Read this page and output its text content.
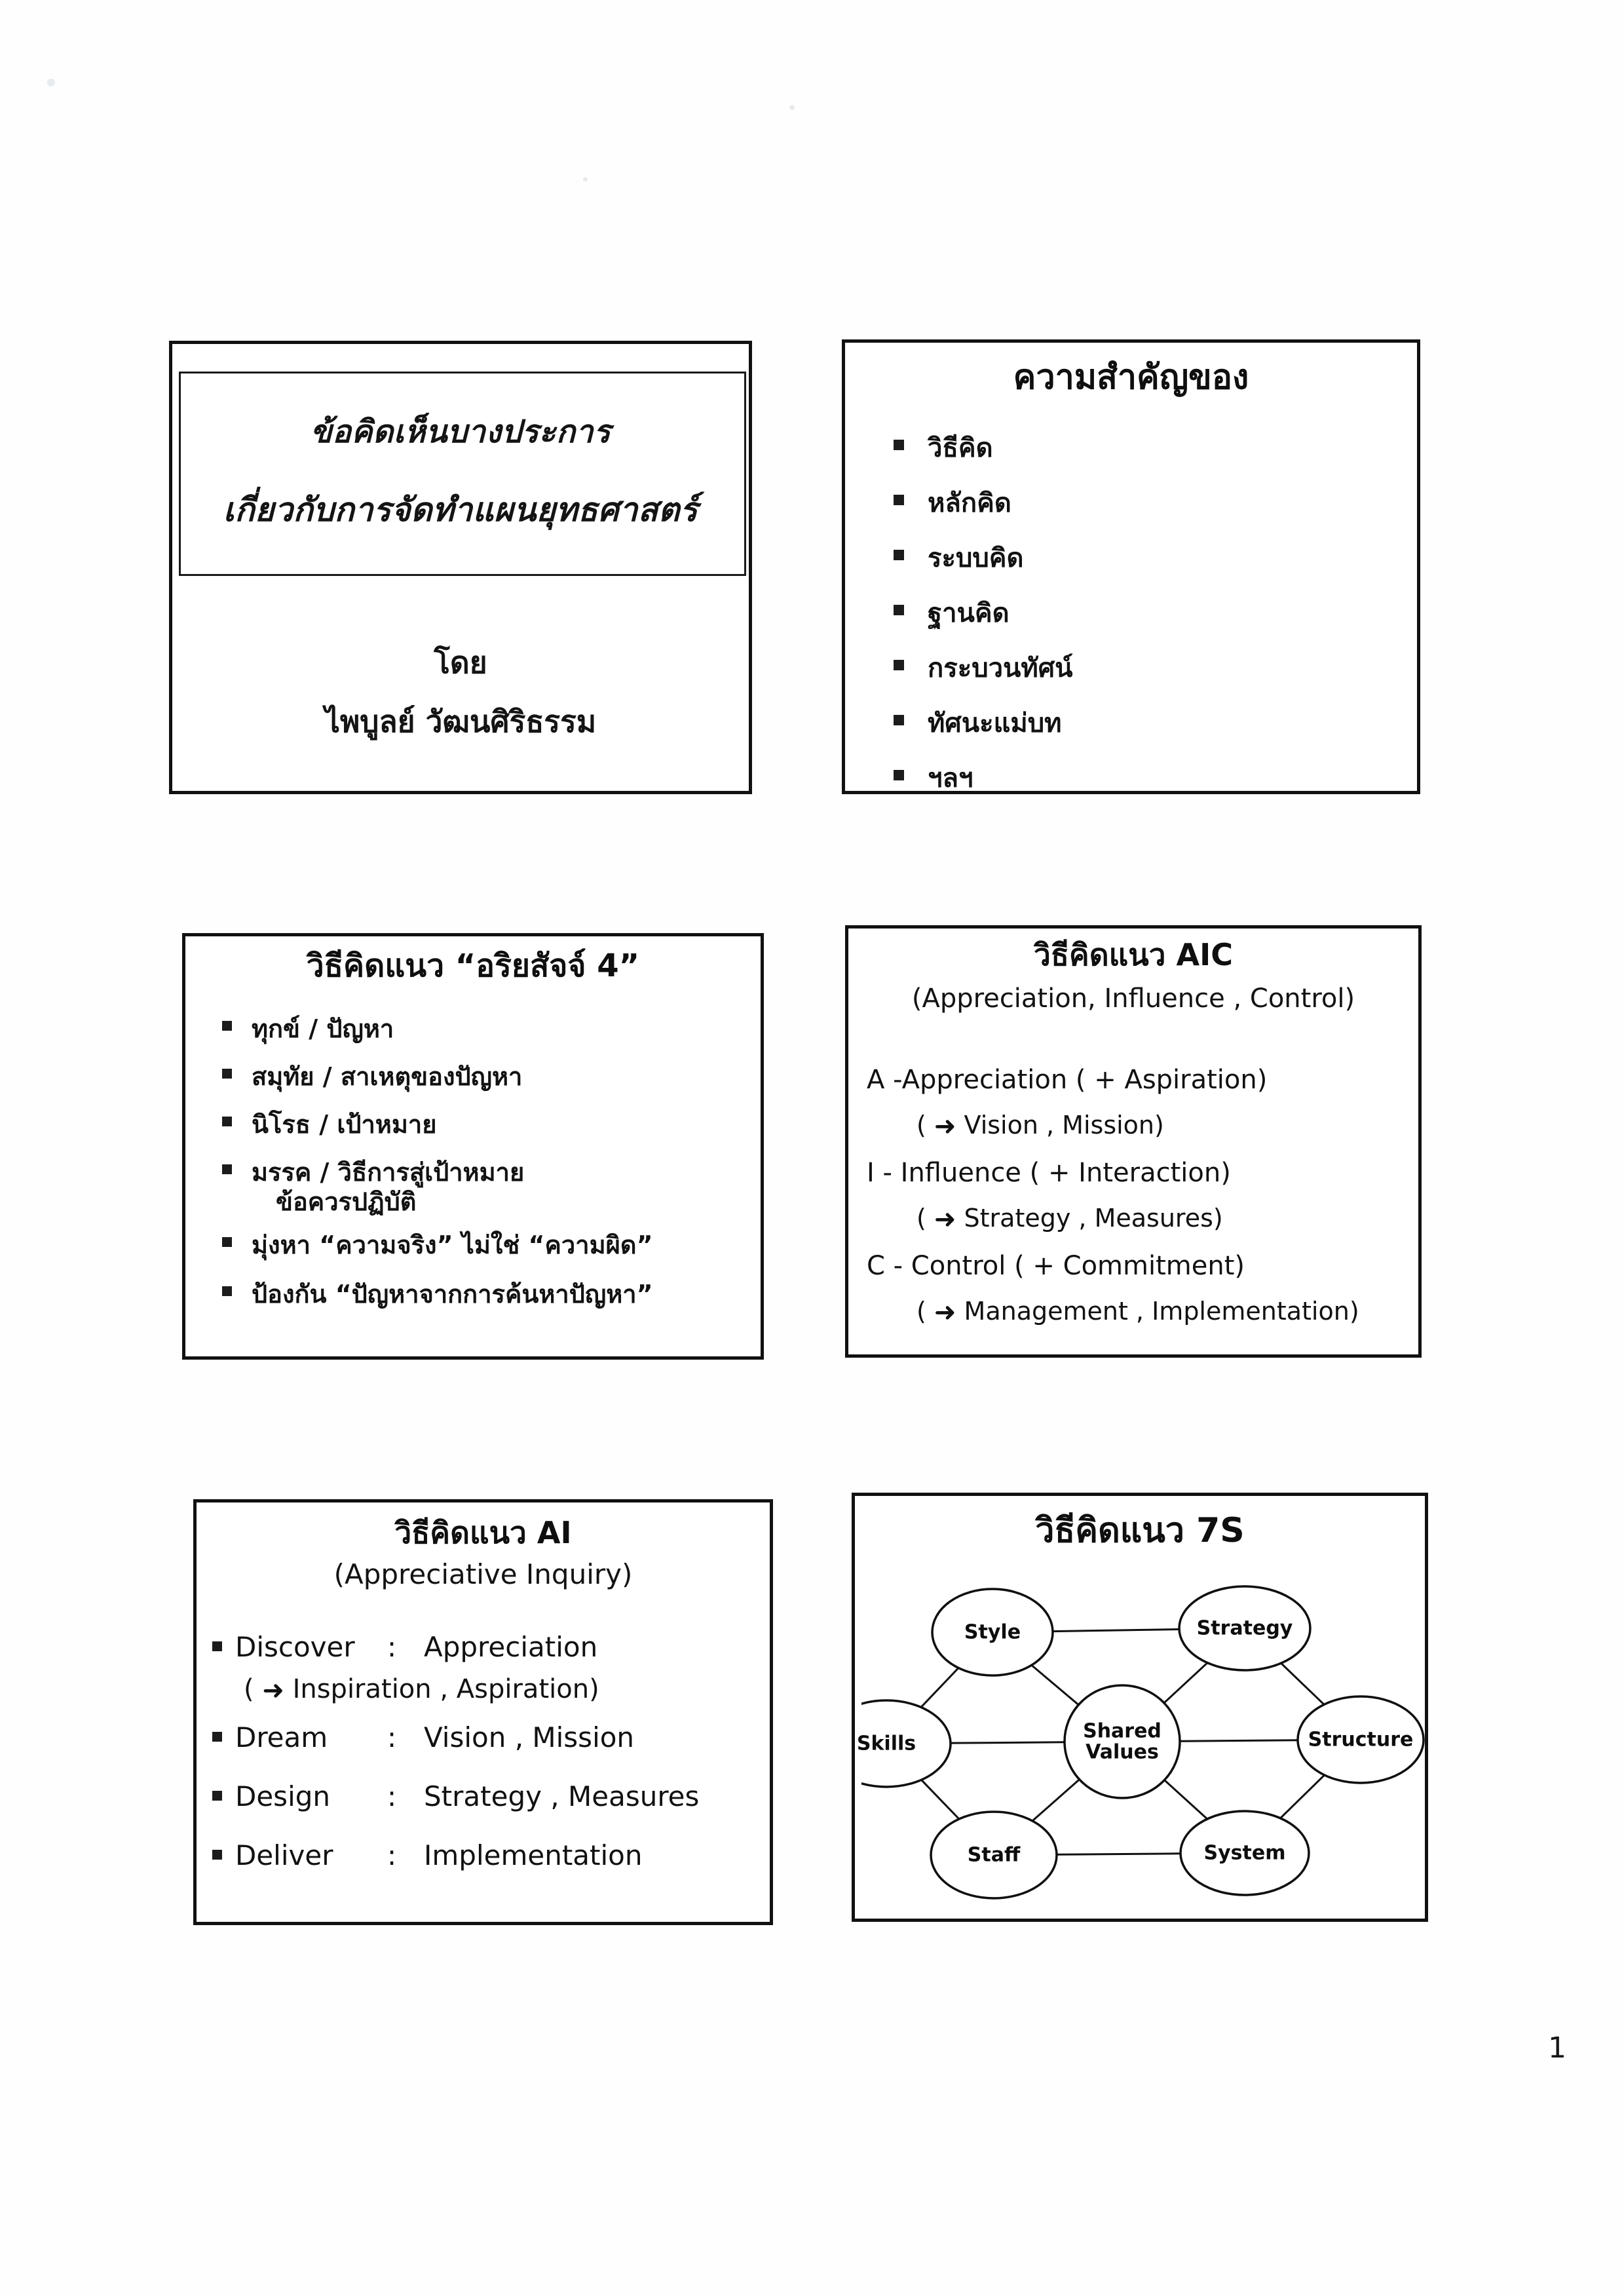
ข้อคิดเห็นบางประการ
เกี่ยวกับการจัดทำแผนยุทธศาสตร์
โดย
ไพบูลย์ วัฒนศิริธรรม
ความสำคัญของ
วิธีคิด
หลักคิด
ระบบคิด
ฐานคิด
กระบวนทัศน์
ทัศนะแม่บท
ฯลฯ
วิธีคิดแนว “อริยสัจจ์ 4”
ทุกข์ / ปัญหา
สมุทัย / สาเหตุของปัญหา
นิโรธ / เป้าหมาย
มรรค / วิธีการสู่เป้าหมาย
ข้อควรปฏิบัติ
มุ่งหา “ความจริง” ไม่ใช่ “ความผิด”
ป้องกัน “ปัญหาจากการค้นหาปัญหา”
วิธีคิดแนว AIC
(Appreciation, Influence , Control)
A -Appreciation ( + Aspiration)
( ➜ Vision , Mission)
I - Influence ( + Interaction)
( ➜ Strategy , Measures)
C - Control ( + Commitment)
( ➜ Management , Implementation)
วิธีคิดแนว AI
(Appreciative Inquiry)
Discover	: Appreciation
( ➜ Inspiration , Aspiration)
Dream	: Vision , Mission
Design	: Strategy , Measures
Deliver	: Implementation
วิธีคิดแนว 7S
Style	Strategy
Structure
System
Staff
Skills
Shared
Values
1
